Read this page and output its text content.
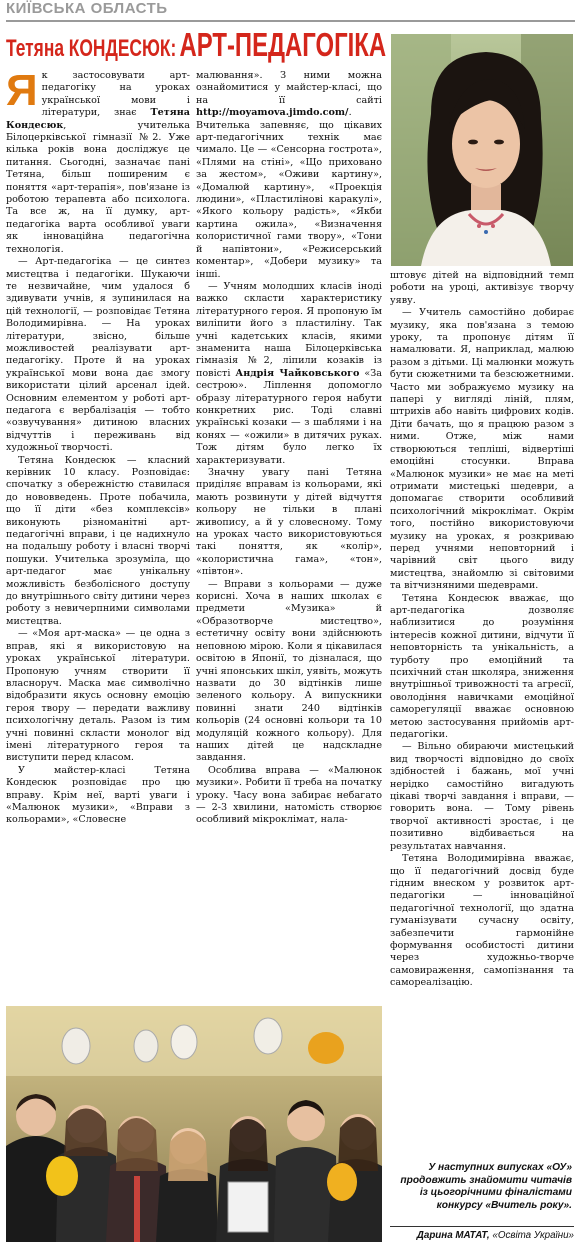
КИЇВСЬКА ОБЛАСТЬ
Тетяна КОНДЕСЮК: АРТ-ПЕДАГОГІКА

Як застосовувати арт-педагогіку на уроках української мови і літератури, знає Тетяна Кондесюк, учителька Білоцерківської гімназії №2. Уже кілька років вона досліджує це питання. Сьогодні, зазначає пані Тетяна, більш поширеним є поняття «арт-терапія», пов'язане із роботою терапевта або психолога. Та все ж, на її думку, арт-педагогіка варта особливої уваги як інноваційна педагогічна технологія.

— Арт-педагогіка — це синтез мистецтва і педагогіки. Шукаючи те незвичайне, чим удалося б здивувати учнів, я зупинилася на цій технології, — розповідає Тетяна Володимирівна. — На уроках літератури, звісно, більше можливостей реалізувати арт-педагогіку. Проте й на уроках української мови вона дає змогу використати цілий арсенал ідей. Основним елементом у роботі арт-педагога є вербалізація — тобто «озвучування» дитиною власних відчуттів і переживань від художньої творчості.

Тетяна Кондесюк — класний керівник 10 класу. Розповідає: спочатку з обережністю ставилася до нововведень. Проте побачила, що її діти «без комплексів» виконують різноманітні арт-педагогічні вправи, і це надихнуло на подальшу роботу і власні творчі пошуки. Учителька зрозуміла, що арт-педагог має унікальну можливість безболісного доступу до внутрішнього світу дитини через роботу з невичерпними символами мистецтва.

— «Моя арт-маска» — це одна з вправ, які я використовую на уроках української літератури. Пропоную учням створити її власноруч. Маска має символічно відобразити якусь основну емоцію героя твору — передати важливу психологічну деталь. Разом із тим учні повинні скласти монолог від імені літературного героя та виступити перед класом.

У майстер-класі Тетяна Кондесюк розповідає про цю вправу. Крім неї, варті уваги і «Малюнок музики», «Вправи з кольорами», «Словесне

малювання». З ними можна ознайомитися у майстер-класі, що на її сайті http://moyamova.jimdo.com/. Вчителька запевняє, що цікавих арт-педагогічних технік має чимало. Це — «Сенсорна гострота», «Плями на стіні», «Що приховано за жестом», «Оживи картину», «Домалюй картину», «Проекція людини», «Пластилінові каракулі», «Якого кольору радість», «Якби картина ожила», «Визначення колористичної гами твору», «Тони й напівтони», «Режисерський коментар», «Добери музику» та інші.

— Учням молодших класів іноді важко скласти характеристику літературного героя. Я пропоную їм виліпити його з пластиліну. Так учні кадетських класів, якими знаменита наша Білоцерківська гімназія №2, ліпили козаків із повісті Андрія Чайковського «За сестрою». Ліплення допомогло образу літературного героя набути конкретних рис. Тоді славні українські козаки — з шаблями і на конях — «ожили» в дитячих руках. Тож дітям було легко їх характеризувати.

Значну увагу пані Тетяна приділяє вправам із кольорами, які мають розвинути у дітей відчуття кольору не тільки в плані живопису, а й у словесному. Тому на уроках часто використовуються такі поняття, як «колір», «колористична гама», «тон», «півтон».

— Вправи з кольорами — дуже корисні. Хоча в наших школах є предмети «Музика» й «Образотворче мистецтво», естетичну освіту вони здійснюють неповною мірою. Коли я цікавилася освітою в Японії, то дізналася, що учні японських шкіл, уявіть, можуть назвати до 30 відтінків лише зеленого кольору. А випускники повинні знати 240 відтінків кольорів (24 основні кольори та 10 модуляцій кожного кольору). Для наших дітей це надскладне завдання.

Особлива вправа — «Малюнок музики». Робити її треба на початку уроку. Часу вона забирає небагато — 2-3 хвилини, натомість створює особливий мікроклімат, нала-

штовує дітей на відповідний темп роботи на уроці, активізує творчу уяву.

— Учитель самостійно добирає музику, яка пов'язана з темою уроку, та пропонує дітям її намалювати. Я, наприклад, малюю разом з дітьми. Ці малюнки можуть бути сюжетними та безсюжетними. Часто ми зображуємо музику на папері у вигляді ліній, плям, штрихів або навіть цифрових кодів. Діти бачать, що я працюю разом з ними. Отже, між нами створюються тепліші, відвертіші емоційні стосунки. Вправа «Малюнок музики» не має на меті отримати мистецькі шедеври, а допомагає створити особливий психологічний мікроклімат. Окрім того, постійно використовуючи музику на уроках, я розкриваю перед учнями неповторний і чарівний світ цього виду мистецтва, знайомлю зі світовими та вітчизняними шедеврами.

Тетяна Кондесюк вважає, що арт-педагогіка дозволяє наблизитися до розуміння інтересів кожної дитини, відчути її неповторність та унікальність, а турботу про емоційний та психічний стан школяра, зниження внутрішньої тривожності та агресії, оволодіння навичками емоційної саморегуляції вважає основною метою застосування прийомів арт-педагогіки.

— Вільно обираючи мистецький вид творчості відповідно до своїх здібностей і бажань, мої учні нерідко самостійно вигадують цікаві творчі завдання і вправи, — говорить вона. — Тому рівень творчої активності зростає, і це позитивно відбивається на результатах навчання.

Тетяна Володимирівна вважає, що її педагогічний досвід буде гідним внеском у розвиток арт-педагогіки — інноваційної педагогічної технології, що здатна гуманізувати сучасну освіту, забезпечити гармонійне формування особистості дитини через художньо-творче самовираження, самопізнання та самореалізацію.

У наступних випусках «ОУ» продовжить знайомити читачів із цьогорічними фіналістами конкурсу «Вчитель року».
Дарина МАТАТ, «Освіта України»
